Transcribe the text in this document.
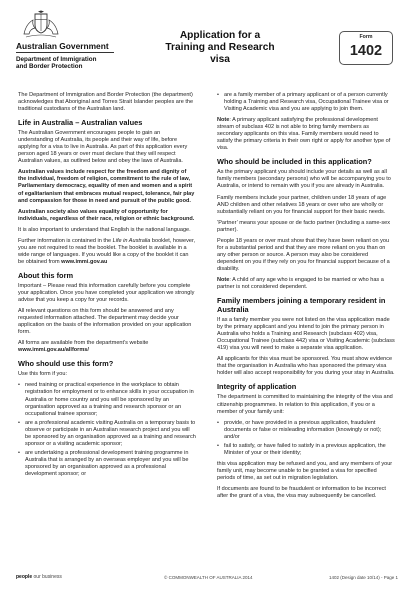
Australian Government
Department of Immigration
and Border Protection
Application for a
Training and Research visa
Form
1402

The Department of Immigration and Border Protection (the department) acknowledges that Aboriginal and Torres Strait Islander peoples are the traditional custodians of the Australian land.

Life in Australia – Australian values

The Australian Government encourages people to gain an understanding of Australia, its people and their way of life, before applying for a visa to live in Australia. As part of this application every person aged 18 years or over must declare that they will respect Australian values, as outlined below and obey the laws of Australia.

Australian values include respect for the freedom and dignity of the individual, freedom of religion, commitment to the rule of law, Parliamentary democracy, equality of men and women and a spirit of egalitarianism that embraces mutual respect, tolerance, fair play and compassion for those in need and pursuit of the public good.

Australian society also values equality of opportunity for individuals, regardless of their race, religion or ethnic background.

It is also important to understand that English is the national language.

Further information is contained in the Life in Australia booklet, however, you are not required to read the booklet. The booklet is available in a wide range of languages. If you would like a copy of the booklet it can be obtained from www.immi.gov.au

About this form

Important – Please read this information carefully before you complete your application. Once you have completed your application we strongly advise that you keep a copy for your records.

All relevant questions on this form should be answered and any requested information attached. The department may decide your application on the basis of the information provided on your application form.

All forms are available from the department’s website
www.immi.gov.au/allforms/

Who should use this form?

Use this form if you:

• need training or practical experience in the workplace to obtain registration for employment or to enhance skills in your occupation in Australia or home country and you will be sponsored by an organisation approved as a training and research sponsor or an occupational trainee sponsor;
• are a professional academic visiting Australia on a temporary basis to observe or participate in an Australian research project and you will be sponsored by an organisation approved as a training and research sponsor or a visiting academic sponsor;
• are undertaking a professional development training programme in Australia that is arranged by an overseas employer and you will be sponsored by an organisation approved as a professional development sponsor; or
• are a family member of a primary applicant or of a person currently holding a Training and Research visa, Occupational Trainee visa or Visiting Academic visa and you are applying to join them.

Note: A primary applicant satisfying the professional development stream of subclass 402 is not able to bring family members as secondary applicants on this visa. Family members would need to satisfy the primary criteria in their own right or apply for another type of visa.

Who should be included in this application?

As the primary applicant you should include your details as well as all family members (secondary persons) who will be accompanying you to Australia, or intend to remain with you if you are already in Australia.

Family members include your partner, children under 18 years of age AND children and other relatives 18 years or over who are wholly or substantially reliant on you for financial support for their basic needs.

‘Partner’ means your spouse or de facto partner (including a same-sex partner).

People 18 years or over must show that they have been reliant on you for a substantial period and that they are more reliant on you than on any other person or source. A person may also be considered dependent on you if they rely on you for financial support because of a disability.

Note: A child of any age who is engaged to be married or who has a partner is not considered dependent.

Family members joining a temporary resident in Australia

If as a family member you were not listed on the visa application made by the primary applicant and you intend to join the primary person in Australia who holds a Training and Research (subclass 402) visa, Occupational Trainee (subclass 442) visa or Visiting Academic (subclass 419) visa you will need to make a separate visa application.

All applicants for this visa must be sponsored. You must show evidence that the organisation in Australia who has sponsored the primary visa holder will also accept responsibility for you during your stay in Australia.

Integrity of application

The department is committed to maintaining the integrity of the visa and citizenship programmes. In relation to this application, if you or a member of your family unit:

• provide, or have provided in a previous application, fraudulent documents or false or misleading information (knowingly or not); and/or
• fail to satisfy, or have failed to satisfy in a previous application, the Minister of your or their identity;

this visa application may be refused and you, and any members of your family unit, may become unable to be granted a visa for specified periods of time, as set out in migration legislation.

If documents are found to be fraudulent or information to be incorrect after the grant of a visa, the visa may subsequently be cancelled.

people our business	© COMMONWEALTH OF AUSTRALIA 2014	1402 (Design date 10/14) - Page 1
